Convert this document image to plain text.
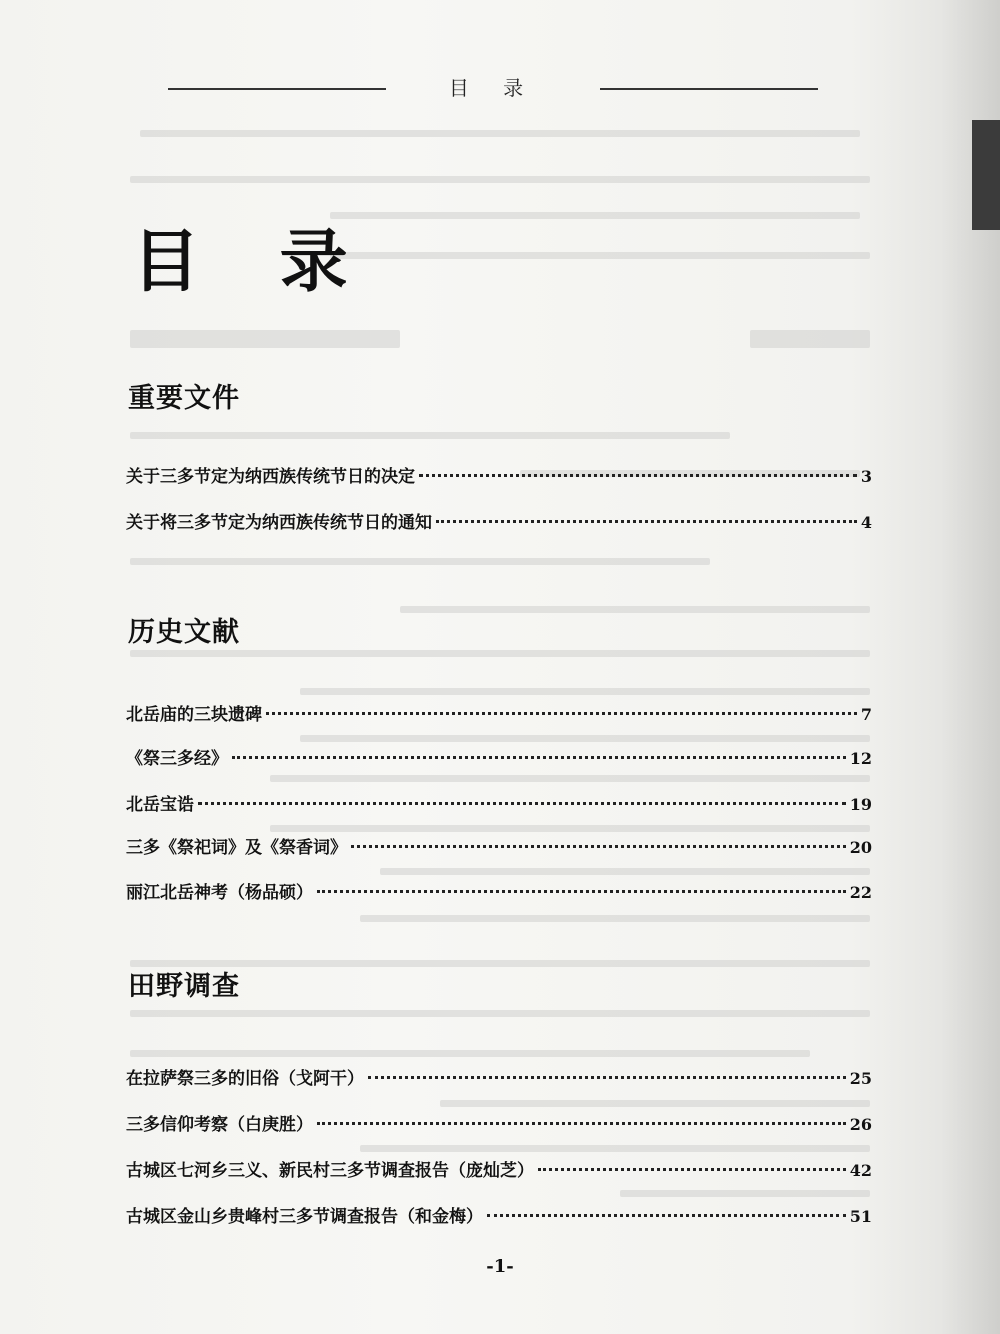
目 录
目 录
重要文件
关于三多节定为纳西族传统节日的决定	3
关于将三多节定为纳西族传统节日的通知	4
历史文献
北岳庙的三块遗碑	7
《祭三多经》	12
北岳宝诰	19
三多《祭祀词》及《祭香词》	20
丽江北岳神考（杨品硕）	22
田野调查
在拉萨祭三多的旧俗（戈阿干）	25
三多信仰考察（白庚胜）	26
古城区七河乡三义、新民村三多节调查报告（庞灿芝）	42
古城区金山乡贵峰村三多节调查报告（和金梅）	51
-1-
